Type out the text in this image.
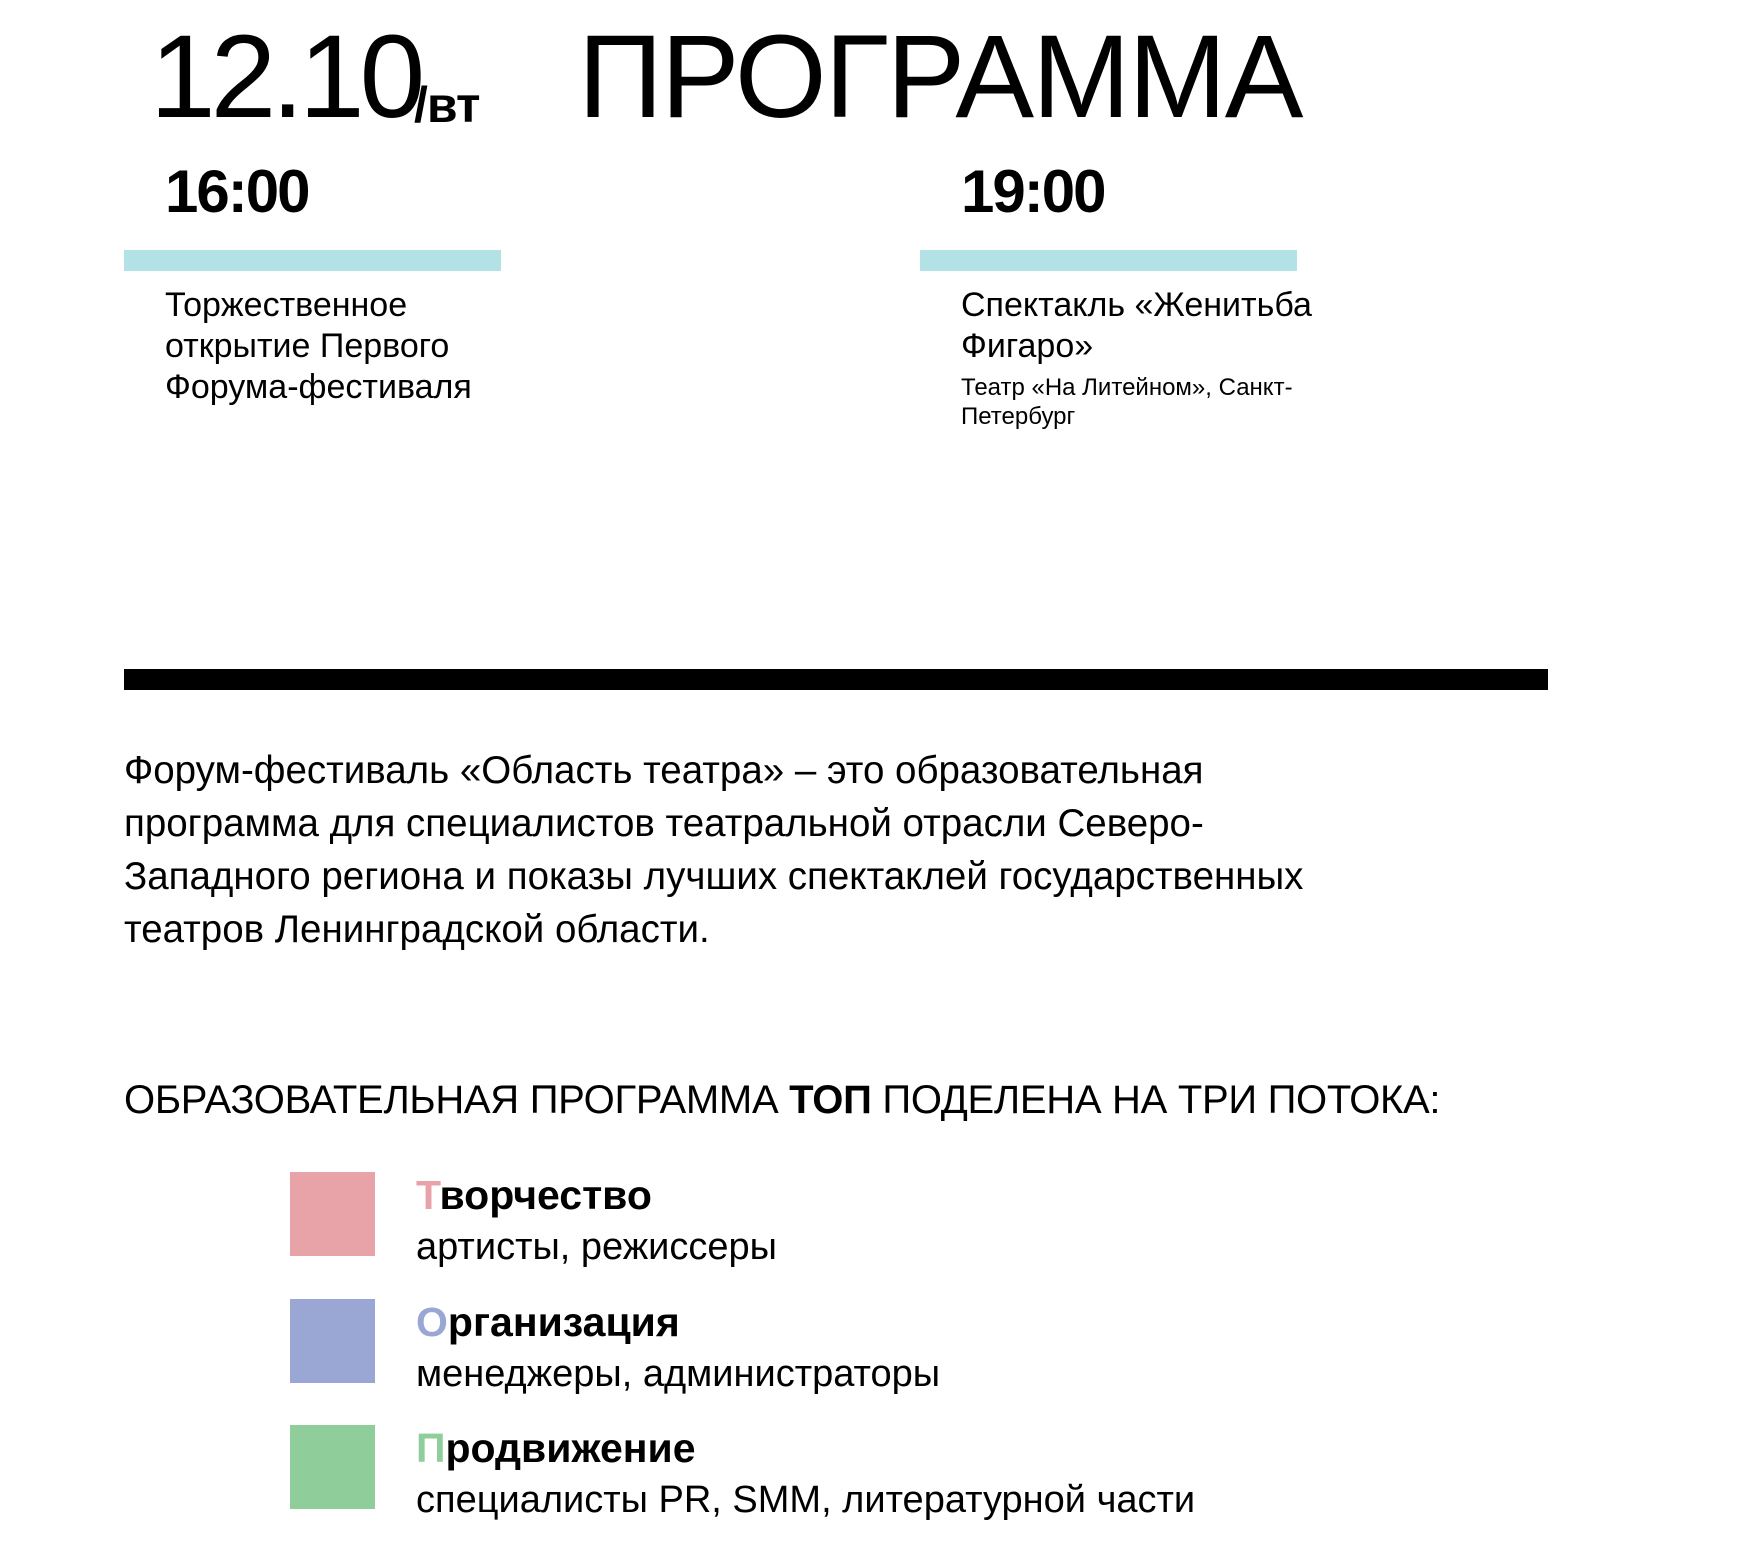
12.10
/вт ПРОГРАММА
16:00
Торжественное открытие Первого Форума-фестиваля
19:00
Спектакль «Женитьба Фигаро»
Театр «На Литейном», Санкт-Петербург
Форум-фестиваль «Область театра» – это образовательная программа для специалистов театральной отрасли Северо-Западного региона и показы лучших спектаклей государственных театров Ленинградской области.
ОБРАЗОВАТЕЛЬНАЯ ПРОГРАММА ТОП ПОДЕЛЕНА НА ТРИ ПОТОКА:
Творчество
артисты, режиссеры
Организация
менеджеры, администраторы
Продвижение
специалисты PR, SMM, литературной части
